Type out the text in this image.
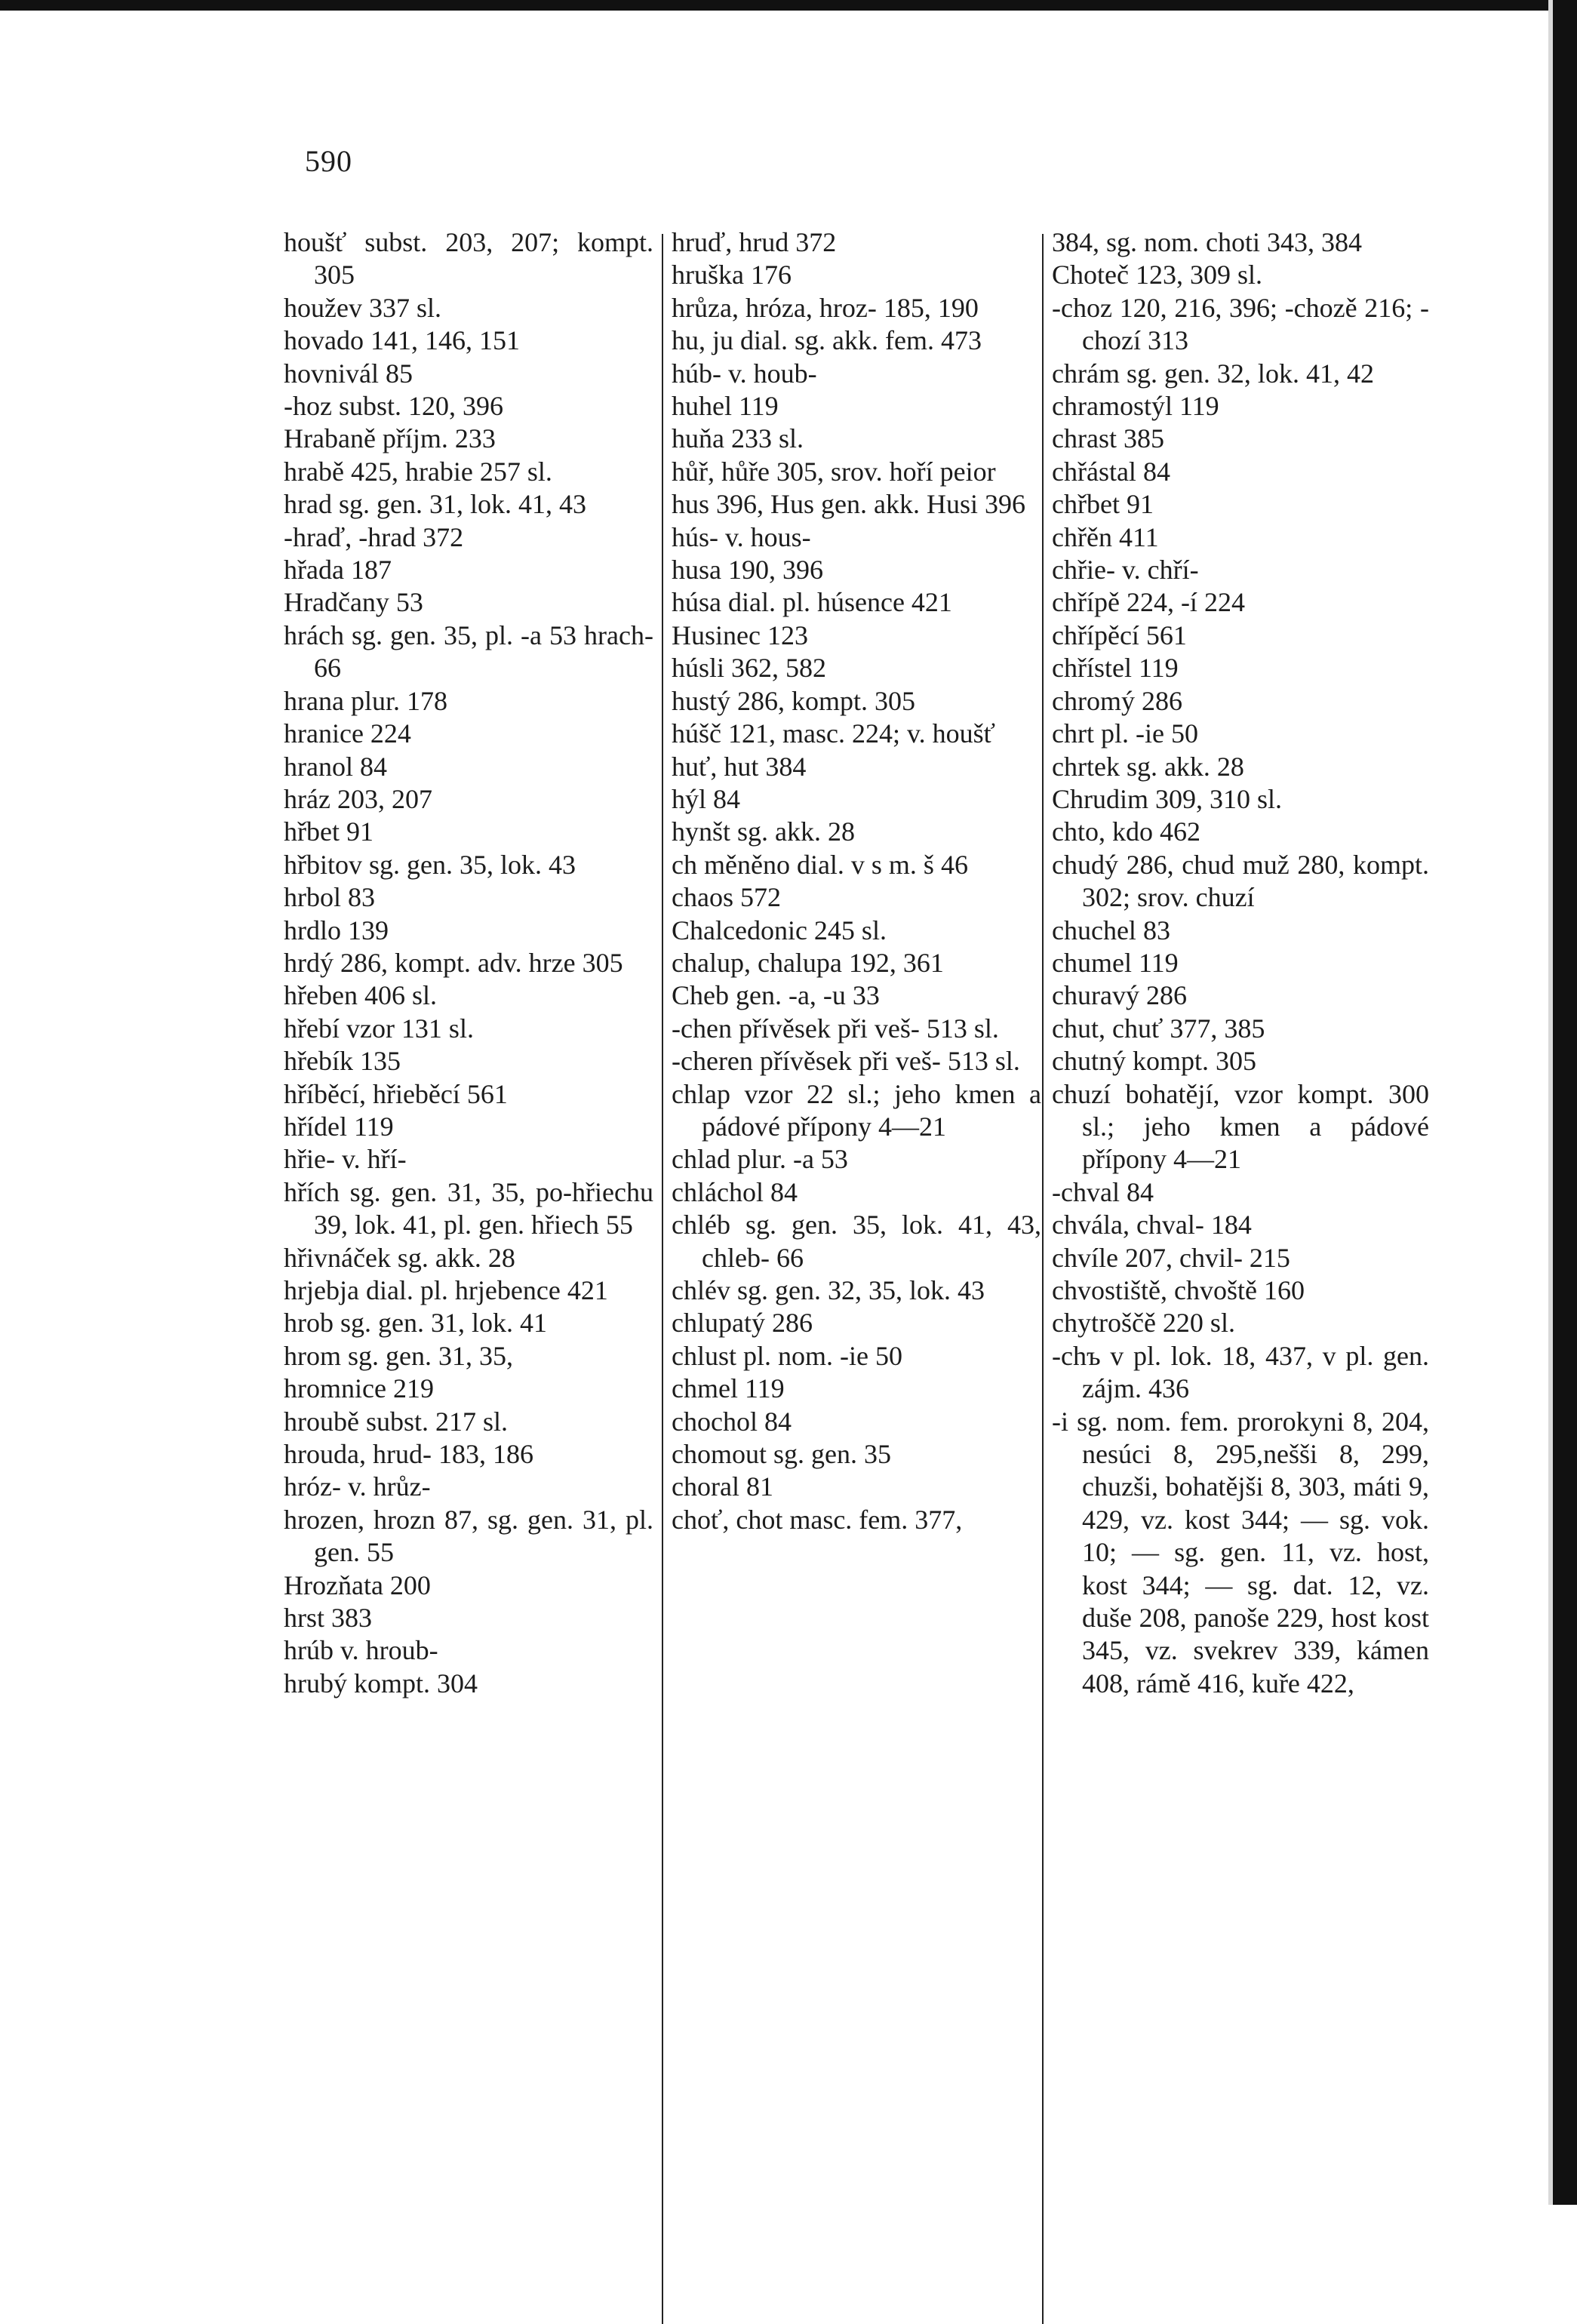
590
houšť subst. 203, 207; kompt. 305
houžev 337 sl.
hovado 141, 146, 151
hovnivál 85
-hoz subst. 120, 396
Hrabaně příjm. 233
hrabě 425, hrabie 257 sl.
hrad sg. gen. 31, lok. 41, 43
-hraď, -hrad 372
hřada 187
Hradčany 53
hrách sg. gen. 35, pl. -a 53 hrach- 66
hrana plur. 178
hranice 224
hranol 84
hráz 203, 207
hřbet 91
hřbitov sg. gen. 35, lok. 43
hrbol 83
hrdlo 139
hrdý 286, kompt. adv. hrze 305
hřeben 406 sl.
hřebí vzor 131 sl.
hřebík 135
hříběcí, hřieběcí 561
hřídel 119
hřie- v. hří-
hřích sg. gen. 31, 35, po-hřiechu 39, lok. 41, pl. gen. hřiech 55
hřivnáček sg. akk. 28
hrjebja dial. pl. hrjebence 421
hrob sg. gen. 31, lok. 41
hrom sg. gen. 31, 35,
hromnice 219
hroubě subst. 217 sl.
hrouda, hrud- 183, 186
hróz- v. hrůz-
hrozen, hrozn 87, sg. gen. 31, pl. gen. 55
Hrozňata 200
hrst 383
hrúb v. hroub-
hrubý kompt. 304
hruď, hrud 372
hruška 176
hrůza, hróza, hroz- 185, 190
hu, ju dial. sg. akk. fem. 473
húb- v. houb-
huhel 119
huňa 233 sl.
hůř, hůře 305, srov. hoří peior
hus 396, Hus gen. akk. Husi 396
hús- v. hous-
husa 190, 396
húsa dial. pl. húsence 421
Husinec 123
húsli 362, 582
hustý 286, kompt. 305
húšč 121, masc. 224; v. houšť
huť, hut 384
hýl 84
hynšt sg. akk. 28
ch měněno dial. v s m. š 46
chaos 572
Chalcedonic 245 sl.
chalup, chalupa 192, 361
Cheb gen. -a, -u 33
-chen přívěsek při veš- 513 sl.
-cheren přívěsek při veš- 513 sl.
chlap vzor 22 sl.; jeho kmen a pádové přípony 4—21
chlad plur. -a 53
chláchol 84
chléb sg. gen. 35, lok. 41, 43, chleb- 66
chlév sg. gen. 32, 35, lok. 43
chlupatý 286
chlust pl. nom. -ie 50
chmel 119
chochol 84
chomout sg. gen. 35
choral 81
choť, chot masc. fem. 377,
384, sg. nom. choti 343, 384
Choteč 123, 309 sl.
-choz 120, 216, 396; -chozě 216; -chozí 313
chrám sg. gen. 32, lok. 41, 42
chramostýl 119
chrast 385
chřástal 84
chřbet 91
chřěn 411
chřie- v. chří-
chřípě 224, -í 224
chřípěcí 561
chřístel 119
chromý 286
chrt pl. -ie 50
chrtek sg. akk. 28
Chrudim 309, 310 sl.
chto, kdo 462
chudý 286, chud muž 280, kompt. 302; srov. chuzí
chuchel 83
chumel 119
churavý 286
chut, chuť 377, 385
chutný kompt. 305
chuzí bohatějí, vzor kompt. 300 sl.; jeho kmen a pádové přípony 4—21
-chval 84
chvála, chval- 184
chvíle 207, chvil- 215
chvostiště, chvoště 160
chytroščě 220 sl.
-chъ v pl. lok. 18, 437, v pl. gen. zájm. 436
-i sg. nom. fem. prorokyni 8, 204, nesúci 8, 295,nešši 8, 299, chuzši, bohatějši 8, 303, máti 9, 429, vz. kost 344; — sg. vok. 10; — sg. gen. 11, vz. host, kost 344; — sg. dat. 12, vz. duše 208, panoše 229, host kost 345, vz. svekrev 339, kámen 408, rámě 416, kuře 422,
